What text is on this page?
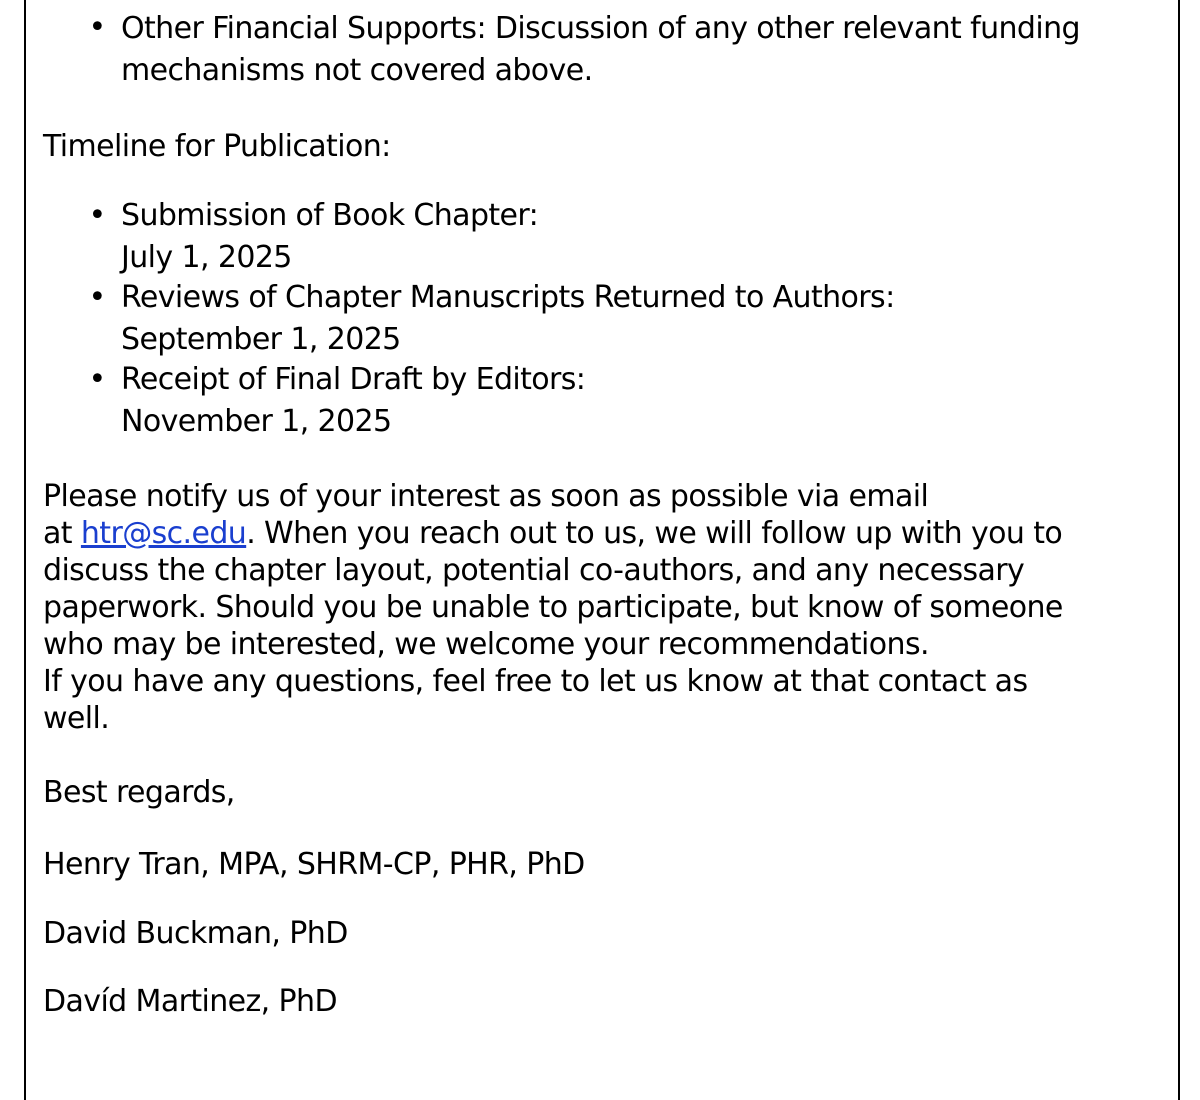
• Other Financial Supports: Discussion of any other relevant funding
mechanisms not covered above.
Timeline for Publication:
• Submission of Book Chapter:
July 1, 2025
• Reviews of Chapter Manuscripts Returned to Authors:
September 1, 2025
• Receipt of Final Draft by Editors:
November 1, 2025
Please notify us of your interest as soon as possible via email
at htr@sc.edu. When you reach out to us, we will follow up with you to
discuss the chapter layout, potential co-authors, and any necessary
paperwork. Should you be unable to participate, but know of someone
who may be interested, we welcome your recommendations.
If you have any questions, feel free to let us know at that contact as
well.
Best regards,
Henry Tran, MPA, SHRM-CP, PHR, PhD
David Buckman, PhD
Davíd Martinez, PhD
